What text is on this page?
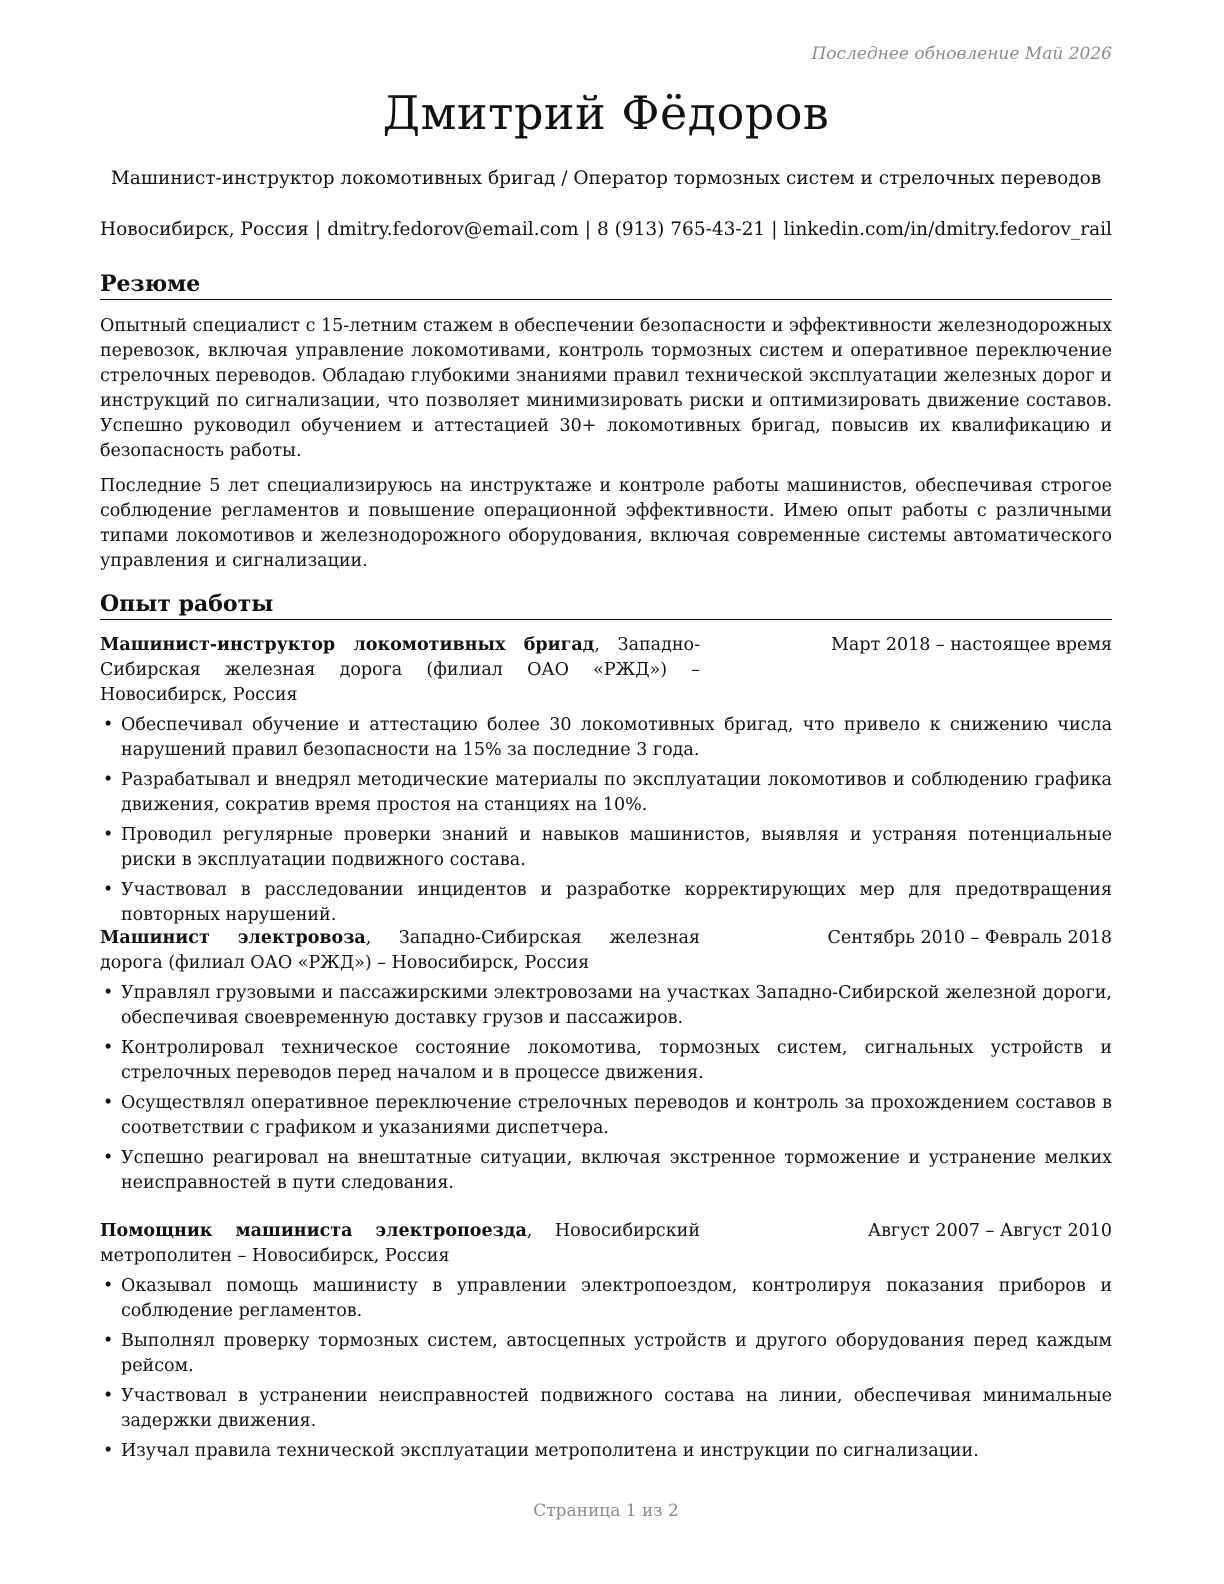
Последнее обновление Май 2026
Дмитрий Фёдоров
Машинист-инструктор локомотивных бригад / Оператор тормозных систем и стрелочных переводов
Новосибирск, Россия | dmitry.fedorov@email.com | 8 (913) 765-43-21 | linkedin.com/in/dmitry.fedorov_rail
Резюме

Опытный специалист с 15-летним стажем в обеспечении безопасности и эффективности железнодорожных перевозок, включая управление локомотивами, контроль тормозных систем и оперативное переключение стрелочных переводов. Обладаю глубокими знаниями правил технической эксплуатации железных дорог и инструкций по сигнализации, что позволяет минимизировать риски и оптимизировать движение составов. Успешно руководил обучением и аттестацией 30+ локомотивных бригад, повысив их квалификацию и безопасность работы.

Последние 5 лет специализируюсь на инструктаже и контроле работы машинистов, обеспечивая строгое соблюдение регламентов и повышение операционной эффективности. Имею опыт работы с различными типами локомотивов и железнодорожного оборудования, включая современные системы автоматического управления и сигнализации.

Опыт работы
Машинист-инструктор локомотивных бригад, Западно-Сибирская железная дорога (филиал ОАО «РЖД») – Новосибирск, Россия
Март 2018 – настоящее время
• Обеспечивал обучение и аттестацию более 30 локомотивных бригад, что привело к снижению числа нарушений правил безопасности на 15% за последние 3 года.
• Разрабатывал и внедрял методические материалы по эксплуатации локомотивов и соблюдению графика движения, сократив время простоя на станциях на 10%.
• Проводил регулярные проверки знаний и навыков машинистов, выявляя и устраняя потенциальные риски в эксплуатации подвижного состава.
• Участвовал в расследовании инцидентов и разработке корректирующих мер для предотвращения повторных нарушений.
Машинист электровоза, Западно-Сибирская железная дорога (филиал ОАО «РЖД») – Новосибирск, Россия
Сентябрь 2010 – Февраль 2018
• Управлял грузовыми и пассажирскими электровозами на участках Западно-Сибирской железной дороги, обеспечивая своевременную доставку грузов и пассажиров.
• Контролировал техническое состояние локомотива, тормозных систем, сигнальных устройств и стрелочных переводов перед началом и в процессе движения.
• Осуществлял оперативное переключение стрелочных переводов и контроль за прохождением составов в соответствии с графиком и указаниями диспетчера.
• Успешно реагировал на внештатные ситуации, включая экстренное торможение и устранение мелких неисправностей в пути следования.
Помощник машиниста электропоезда, Новосибирский метрополитен – Новосибирск, Россия
Август 2007 – Август 2010
• Оказывал помощь машинисту в управлении электропоездом, контролируя показания приборов и соблюдение регламентов.
• Выполнял проверку тормозных систем, автосцепных устройств и другого оборудования перед каждым рейсом.
• Участвовал в устранении неисправностей подвижного состава на линии, обеспечивая минимальные задержки движения.
• Изучал правила технической эксплуатации метрополитена и инструкции по сигнализации.
Страница 1 из 2
